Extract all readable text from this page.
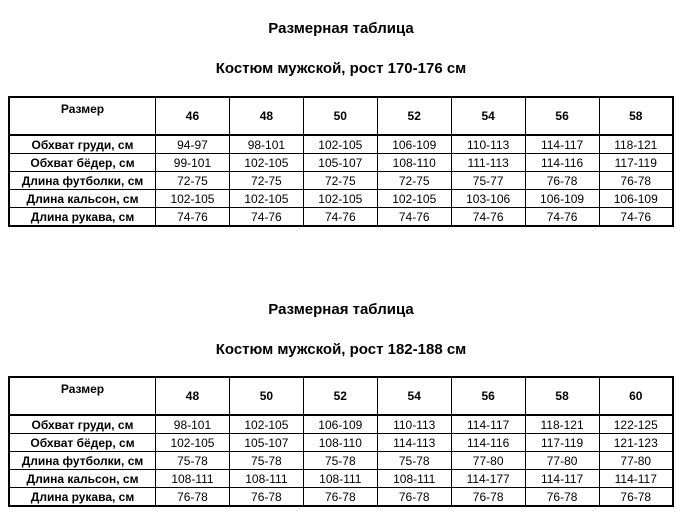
Размерная таблица

Костюм мужской, рост 170-176 см

Размер	46	48	50	52	54	56	58
Обхват груди, см	94-97	98-101	102-105	106-109	110-113	114-117	118-121
Обхват бёдер, см	99-101	102-105	105-107	108-110	111-113	114-116	117-119
Длина футболки, см	72-75	72-75	72-75	72-75	75-77	76-78	76-78
Длина кальсон, см	102-105	102-105	102-105	102-105	103-106	106-109	106-109
Длина рукава, см	74-76	74-76	74-76	74-76	74-76	74-76	74-76

Размерная таблица

Костюм мужской, рост 182-188 см

Размер	48	50	52	54	56	58	60
Обхват груди, см	98-101	102-105	106-109	110-113	114-117	118-121	122-125
Обхват бёдер, см	102-105	105-107	108-110	114-113	114-116	117-119	121-123
Длина футболки, см	75-78	75-78	75-78	75-78	77-80	77-80	77-80
Длина кальсон, см	108-111	108-111	108-111	108-111	114-177	114-117	114-117
Длина рукава, см	76-78	76-78	76-78	76-78	76-78	76-78	76-78
